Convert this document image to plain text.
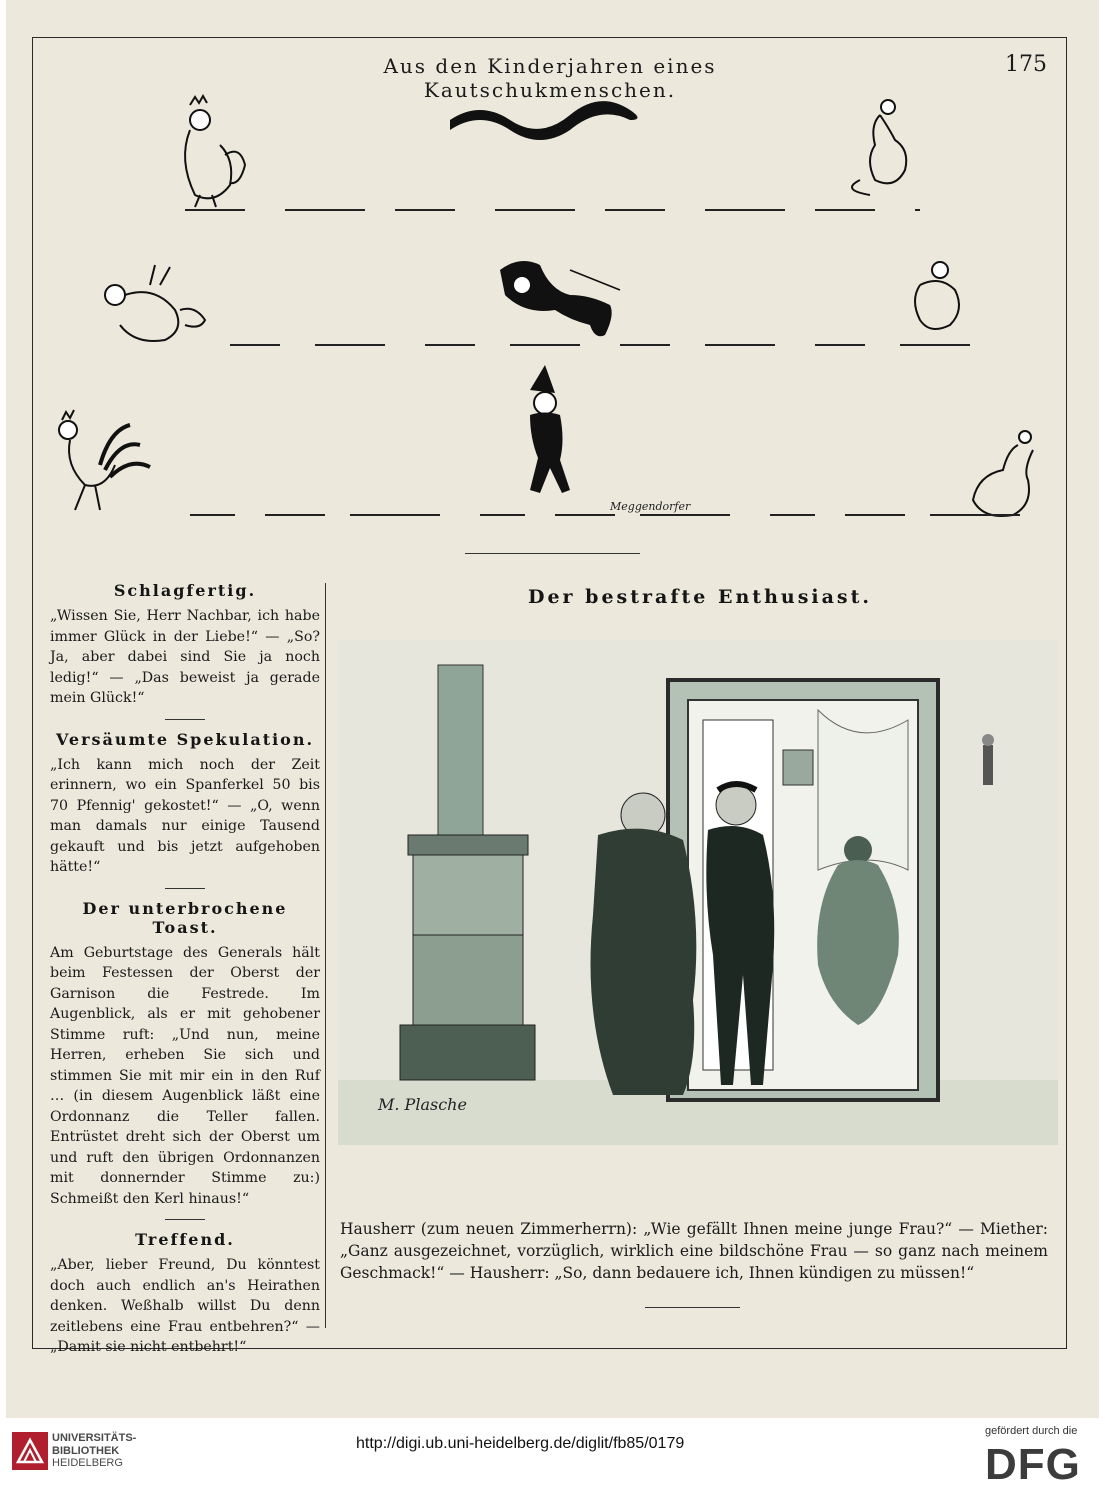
Aus den Kinderjahren eines Kautschukmenschen.
175
Meggendorfer
Schlagfertig.

„Wissen Sie, Herr Nachbar, ich habe immer Glück in der Liebe!“ — „So? Ja, aber dabei sind Sie ja noch ledig!“ — „Das beweist ja gerade mein Glück!“

Versäumte Spekulation.

„Ich kann mich noch der Zeit erinnern, wo ein Spanferkel 50 bis 70 Pfennig' gekostet!“ — „O, wenn man damals nur einige Tausend gekauft und bis jetzt aufgehoben hätte!“

Der unterbrochene Toast.

Am Geburtstage des Generals hält beim Festessen der Oberst der Garnison die Festrede. Im Augenblick, als er mit gehobener Stimme ruft: „Und nun, meine Herren, erheben Sie sich und stimmen Sie mit mir ein in den Ruf … (in diesem Augenblick läßt eine Ordonnanz die Teller fallen. Entrüstet dreht sich der Oberst um und ruft den übrigen Ordonnanzen mit donnernder Stimme zu:) Schmeißt den Kerl hinaus!“

Treffend.

„Aber, lieber Freund, Du könntest doch auch endlich an's Heirathen denken. Weßhalb willst Du denn zeitlebens eine Frau entbehren?“ — „Damit sie nicht entbehrt!“

Der bestrafte Enthusiast.
M. Plasche
Hausherr (zum neuen Zimmerherrn): „Wie gefällt Ihnen meine junge Frau?“ — Miether: „Ganz ausgezeichnet, vorzüglich, wirklich eine bildschöne Frau — so ganz nach meinem Geschmack!“ — Hausherr: „So, dann bedauere ich, Ihnen kündigen zu müssen!“
UNIVERSITÄTS-
BIBLIOTHEK
HEIDELBERG
http://digi.ub.uni-heidelberg.de/diglit/fb85/0179
gefördert durch die
DFG
